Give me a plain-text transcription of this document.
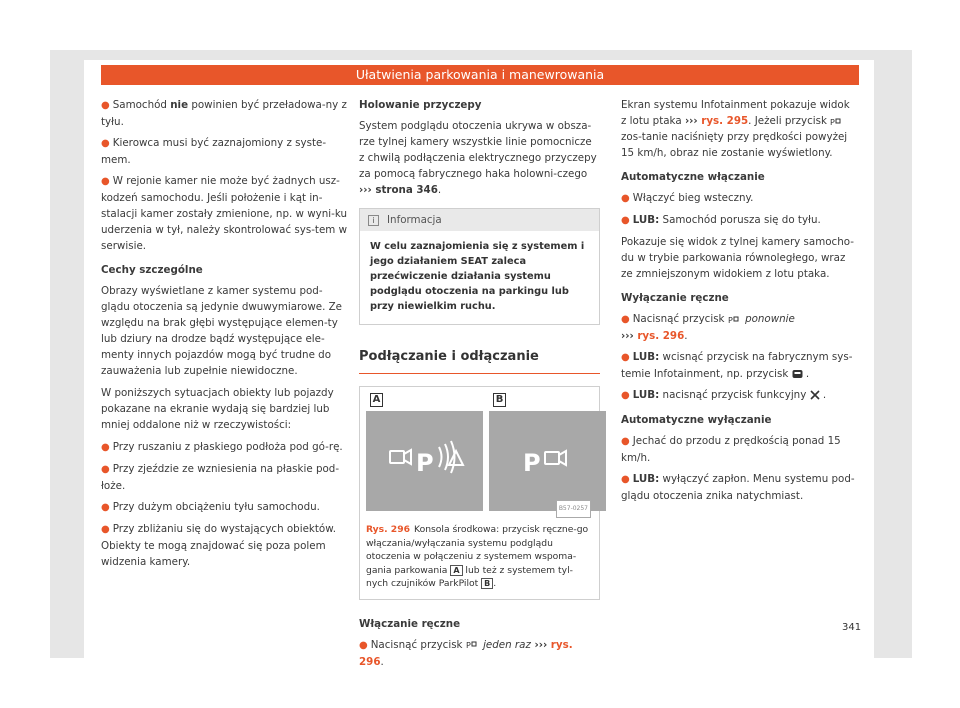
Ułatwienia parkowania i manewrowania
● Samochód nie powinien być przeładowa-ny z tyłu.
● Kierowca musi być zaznajomiony z syste-mem.
● W rejonie kamer nie może być żadnych usz-kodzeń samochodu. Jeśli położenie i kąt in-stalacji kamer zostały zmienione, np. w wyni-ku uderzenia w tył, należy skontrolować sys-tem w serwisie.
Cechy szczególne

Obrazy wyświetlane z kamer systemu pod-glądu otoczenia są jedynie dwuwymiarowe. Ze względu na brak głębi występujące elemen-ty lub dziury na drodze bądź występujące ele-menty innych pojazdów mogą być trudne do zauważenia lub zupełnie niewidoczne.

W poniższych sytuacjach obiekty lub pojazdy pokazane na ekranie wydają się bardziej lub mniej oddalone niż w rzeczywistości:

● Przy ruszaniu z płaskiego podłoża pod gó-rę.
● Przy zjeździe ze wzniesienia na płaskie pod-łoże.
● Przy dużym obciążeniu tyłu samochodu.
● Przy zbliżaniu się do wystających obiektów. Obiekty te mogą znajdować się poza polem widzenia kamery.
Holowanie przyczepy

System podglądu otoczenia ukrywa w obsza-rze tylnej kamery wszystkie linie pomocnicze z chwilą podłączenia elektrycznego przyczepy za pomocą fabrycznego haka holowni-czego ››› strona 346.

i Informacja
W celu zaznajomienia się z systemem i jego działaniem SEAT zaleca przećwiczenie działania systemu podglądu otoczenia na parkingu lub przy niewielkim ruchu.
Podłączanie i odłączanie
A	B
P	P
B57-0257
Rys. 296 Konsola środkowa: przycisk ręczne-go włączania/wyłączania systemu podglądu otoczenia w połączeniu z systemem wspoma-gania parkowania A lub też z systemem tyl-nych czujników ParkPilot B .
Włączanie ręczne
● Nacisnąć przycisk P jeden raz ››› rys. 296.

Ekran systemu Infotainment pokazuje widok z lotu ptaka ››› rys. 295. Jeżeli przycisk P
zos-tanie naciśnięty przy prędkości powyżej 15 km/h, obraz nie zostanie wyświetlony.

Automatyczne włączanie
● Włączyć bieg wsteczny.
● LUB: Samochód porusza się do tyłu.

Pokazuje się widok z tylnej kamery samocho-du w trybie parkowania równoległego, wraz ze zmniejszonym widokiem z lotu ptaka.

Wyłączanie ręczne
● Nacisnąć przycisk P ponownie
››› rys. 296.
● LUB: wcisnąć przycisk na fabrycznym sys-temie Infotainment, np. przycisk  .
● LUB: nacisnąć przycisk funkcyjny  .
Automatyczne wyłączanie
● Jechać do przodu z prędkością ponad 15 km/h.
● LUB: wyłączyć zapłon. Menu systemu pod-glądu otoczenia znika natychmiast.
341
